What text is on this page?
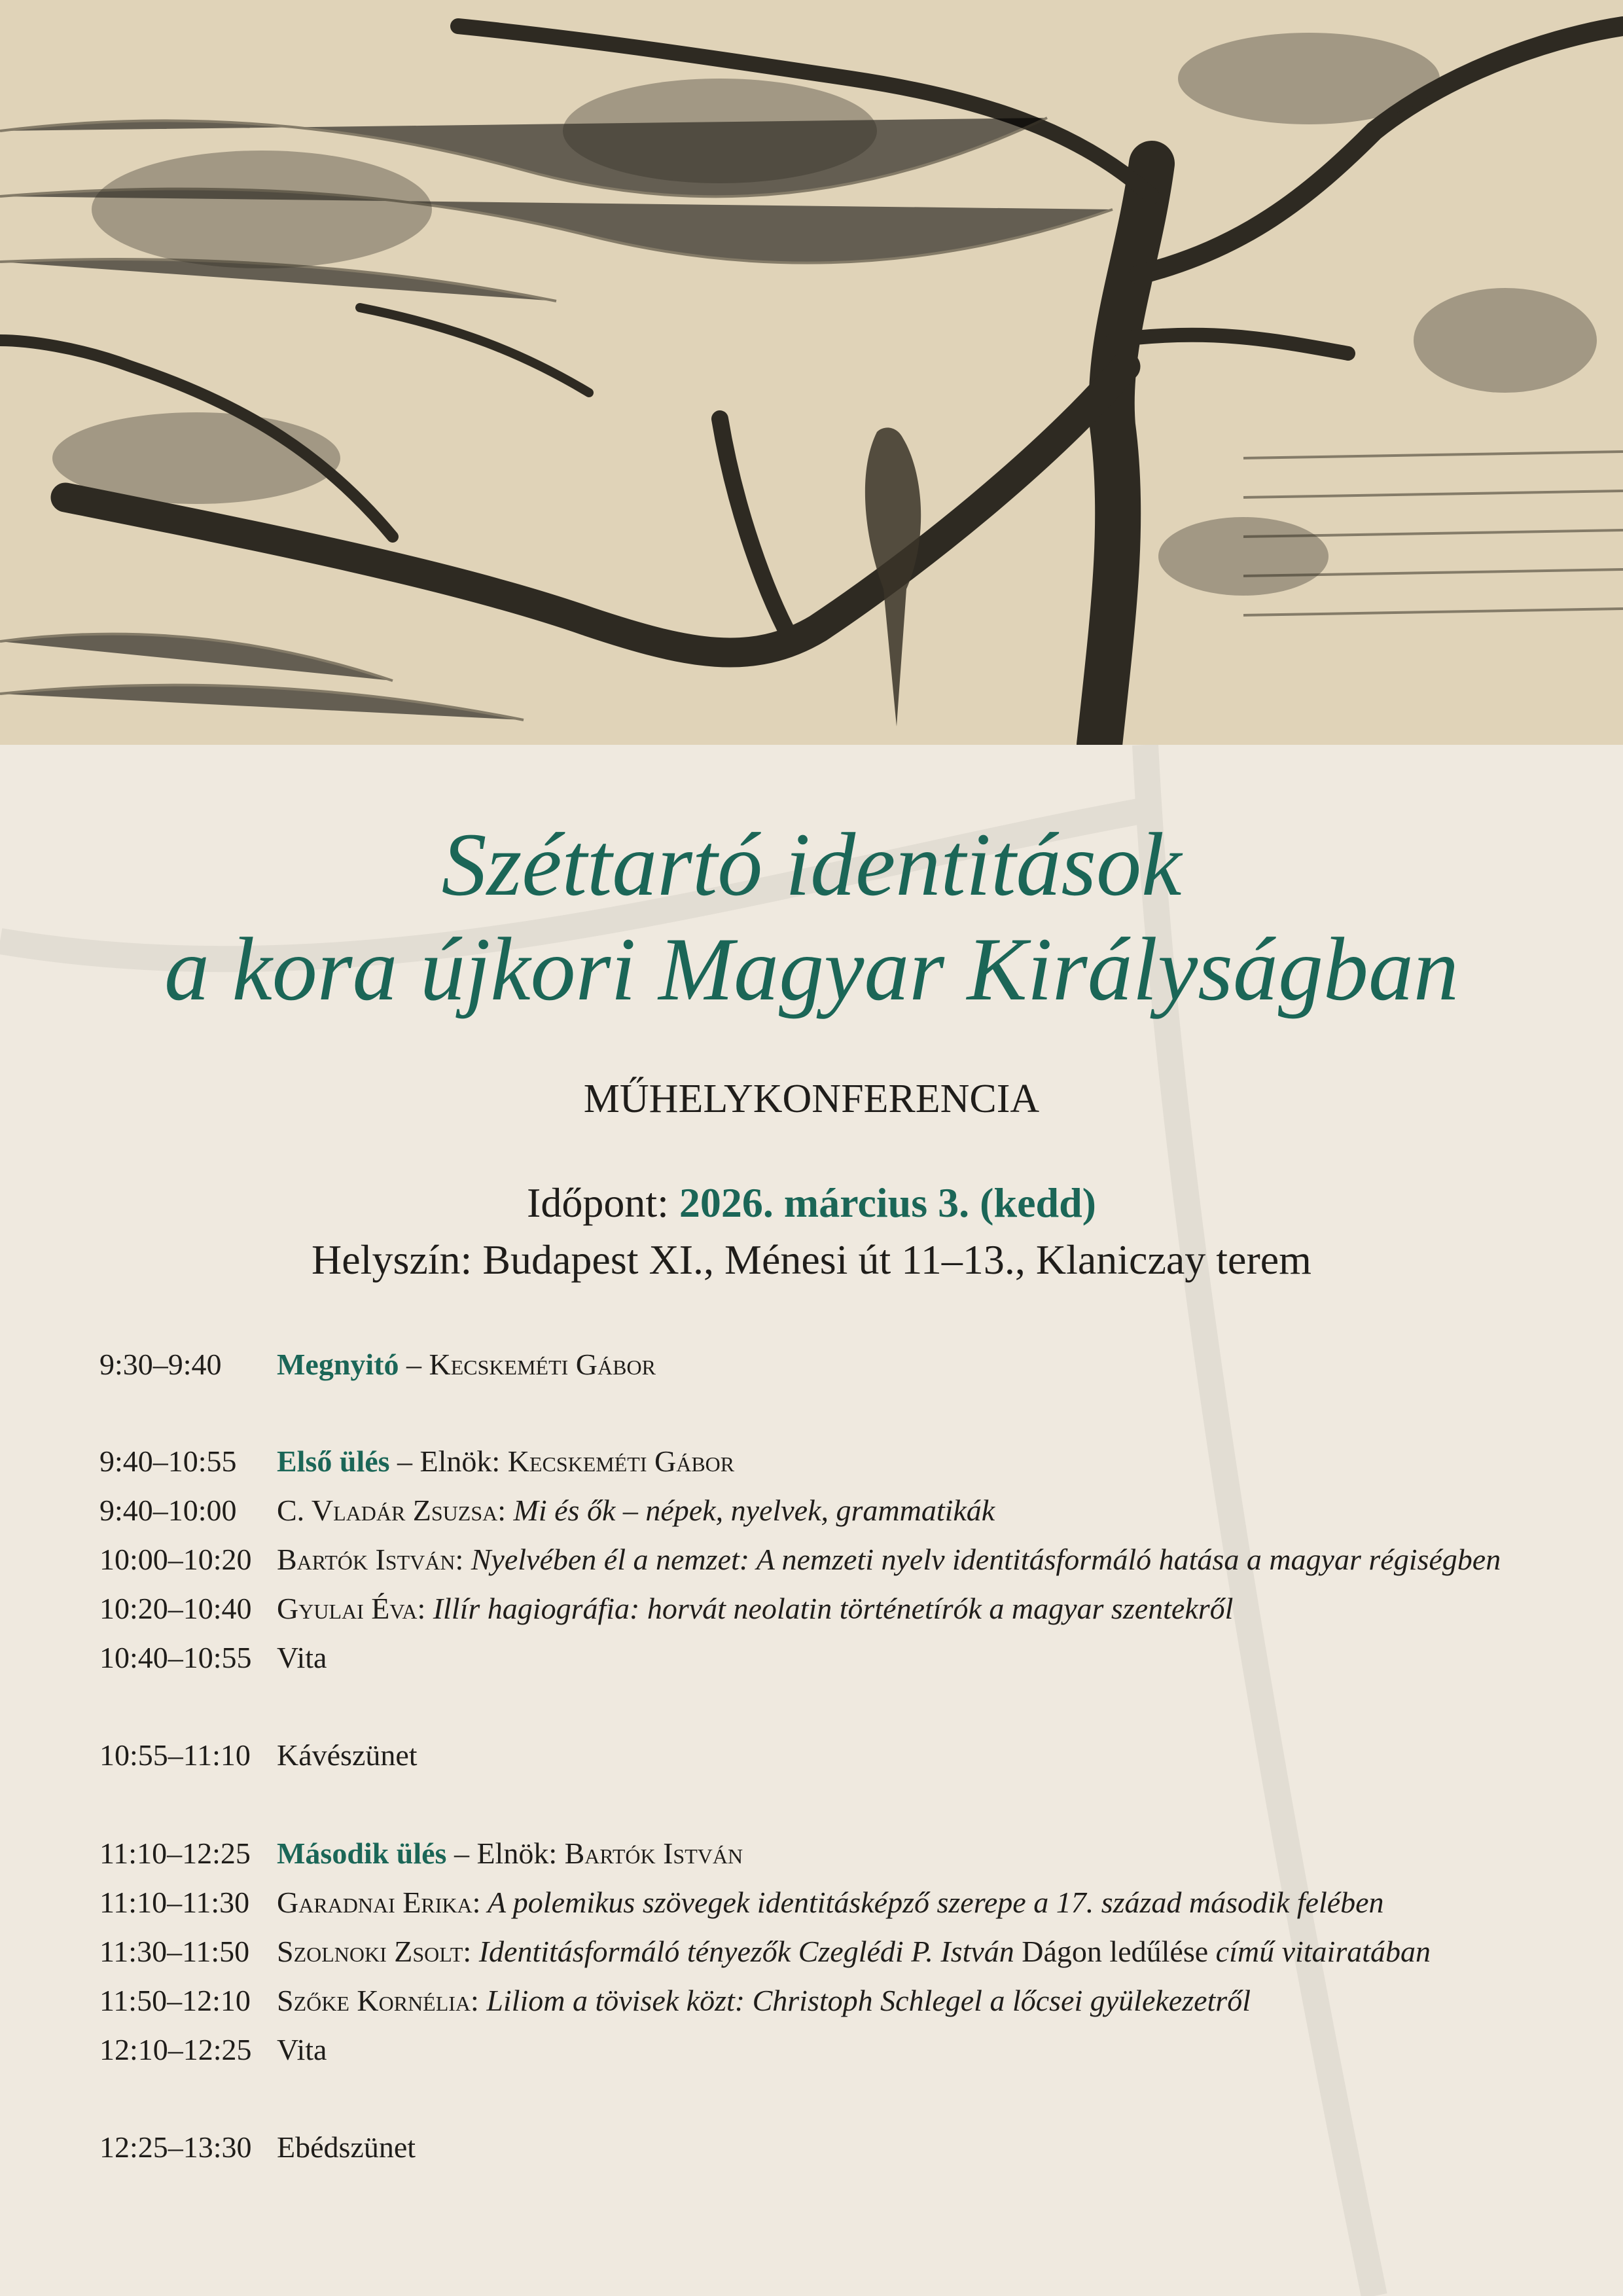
Széttartó identitások
a kora újkori Magyar Királyságban
MŰHELYKONFERENCIA
Időpont: 2026. március 3. (kedd)
Helyszín: Budapest XI., Ménesi út 11–13., Klaniczay terem
9:30–9:40 Megnyitó – Kecskeméti Gábor
9:40–10:55 Első ülés – Elnök: Kecskeméti Gábor
9:40–10:00 C. Vladár Zsuzsa: Mi és ők – népek, nyelvek, grammatikák
10:00–10:20 Bartók István: Nyelvében él a nemzet: A nemzeti nyelv identitásformáló hatása a magyar régiségben
10:20–10:40 Gyulai Éva: Illír hagiográfia: horvát neolatin történetírók a magyar szentekről
10:40–10:55 Vita
10:55–11:10 Kávészünet
11:10–12:25 Második ülés – Elnök: Bartók István
11:10–11:30 Garadnai Erika: A polemikus szövegek identitásképző szerepe a 17. század második felében
11:30–11:50 Szolnoki Zsolt: Identitásformáló tényezők Czeglédi P. István Dágon ledűlése című vitairatában
11:50–12:10 Szőke Kornélia: Liliom a tövisek közt: Christoph Schlegel a lőcsei gyülekezetről
12:10–12:25 Vita
12:25–13:30 Ebédszünet
